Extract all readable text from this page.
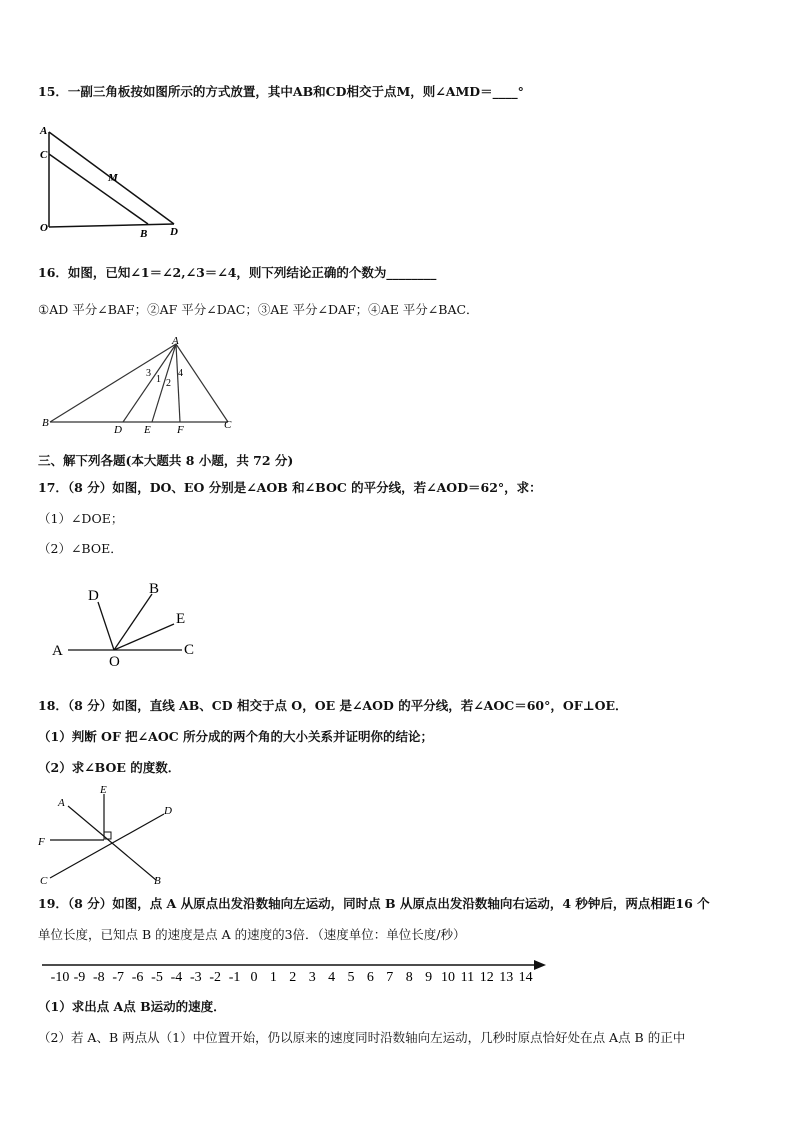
15．一副三角板按如图所示的方式放置，其中AB和CD相交于点M，则∠AMD＝____°
A
C
M
O	B D
16．如图，已知∠1＝∠2,∠3＝∠4，则下列结论正确的个数为________
①AD 平分∠BAF；②AF 平分∠DAC；③AE 平分∠DAF；④AE 平分∠BAC．
A
B
D E F	C
3
1 2
4
三、解下列各题(本大题共 8 小题，共 72 分)
17．（8 分）如图，DO、EO 分别是∠AOB 和∠BOC 的平分线，若∠AOD＝62°，求：
（1）∠DOE；
（2）∠BOE．
D	B
E
A
O
C
18．（8 分）如图，直线 AB、CD 相交于点 O，OE 是∠AOD 的平分线，若∠AOC＝60°，OF⊥OE．
（1）判断 OF 把∠AOC 所分成的两个角的大小关系并证明你的结论；
（2）求∠BOE 的度数．
E
A
D
F
C	B
19．（8 分）如图，点 A 从原点出发沿数轴向左运动，同时点 B 从原点出发沿数轴向右运动，4 秒钟后，两点相距16 个
单位长度，已知点 B 的速度是点 A 的速度的3倍．（速度单位：单位长度/秒）
-10 -9 -8 -7 -6 -5 -4 -3 -2 -1 0 1 2 3 4 5 6 7 8 9 10 11 12 13 14
（1）求出点 A点 B运动的速度．
（2）若 A、B 两点从（1）中位置开始，仍以原来的速度同时沿数轴向左运动，几秒时原点恰好处在点 A点 B 的正中
